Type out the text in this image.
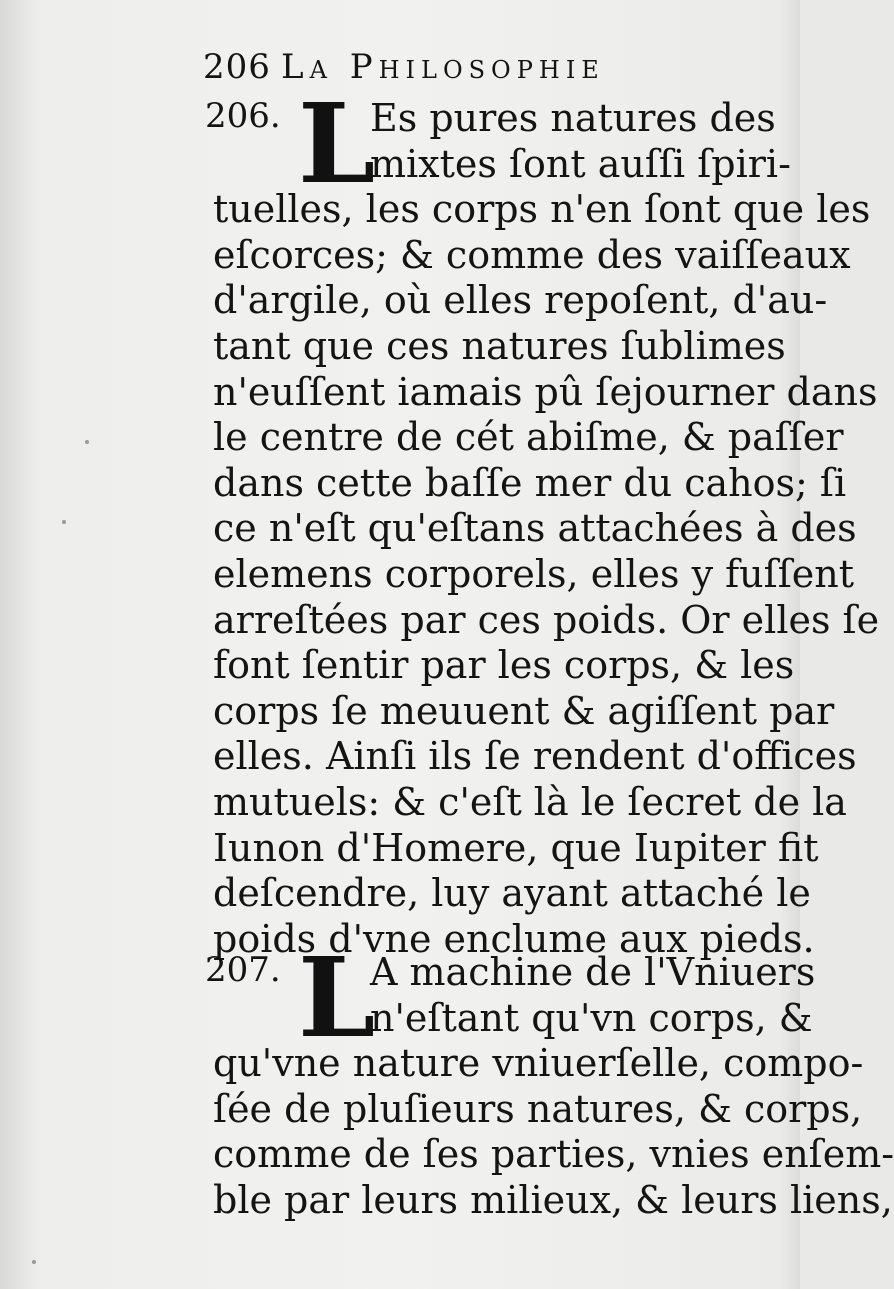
206 La Philosophie
206. L
Es pures natures des
mixtes ſont auſſi ſpiri-
tuelles, les corps n'en ſont que les
eſcorces; & comme des vaiſſeaux
d'argile, où elles repoſent, d'au-
tant que ces natures ſublimes
n'euſſent iamais pû ſejourner dans
le centre de cét abiſme, & paſſer
dans cette baſſe mer du cahos; ſi
ce n'eſt qu'eſtans attachées à des
elemens corporels, elles y fuſſent
arreſtées par ces poids. Or elles ſe
font ſentir par les corps, & les
corps ſe meuuent & agiſſent par
elles. Ainſi ils ſe rendent d'offices
mutuels: & c'eſt là le ſecret de la
Iunon d'Homere, que Iupiter fit
deſcendre, luy ayant attaché le
poids d'vne enclume aux pieds.
207. L
A machine de l'Vniuers
n'eſtant qu'vn corps, &
qu'vne nature vniuerſelle, compo-
ſée de pluſieurs natures, & corps,
comme de ſes parties, vnies enſem-
ble par leurs milieux, & leurs liens,
